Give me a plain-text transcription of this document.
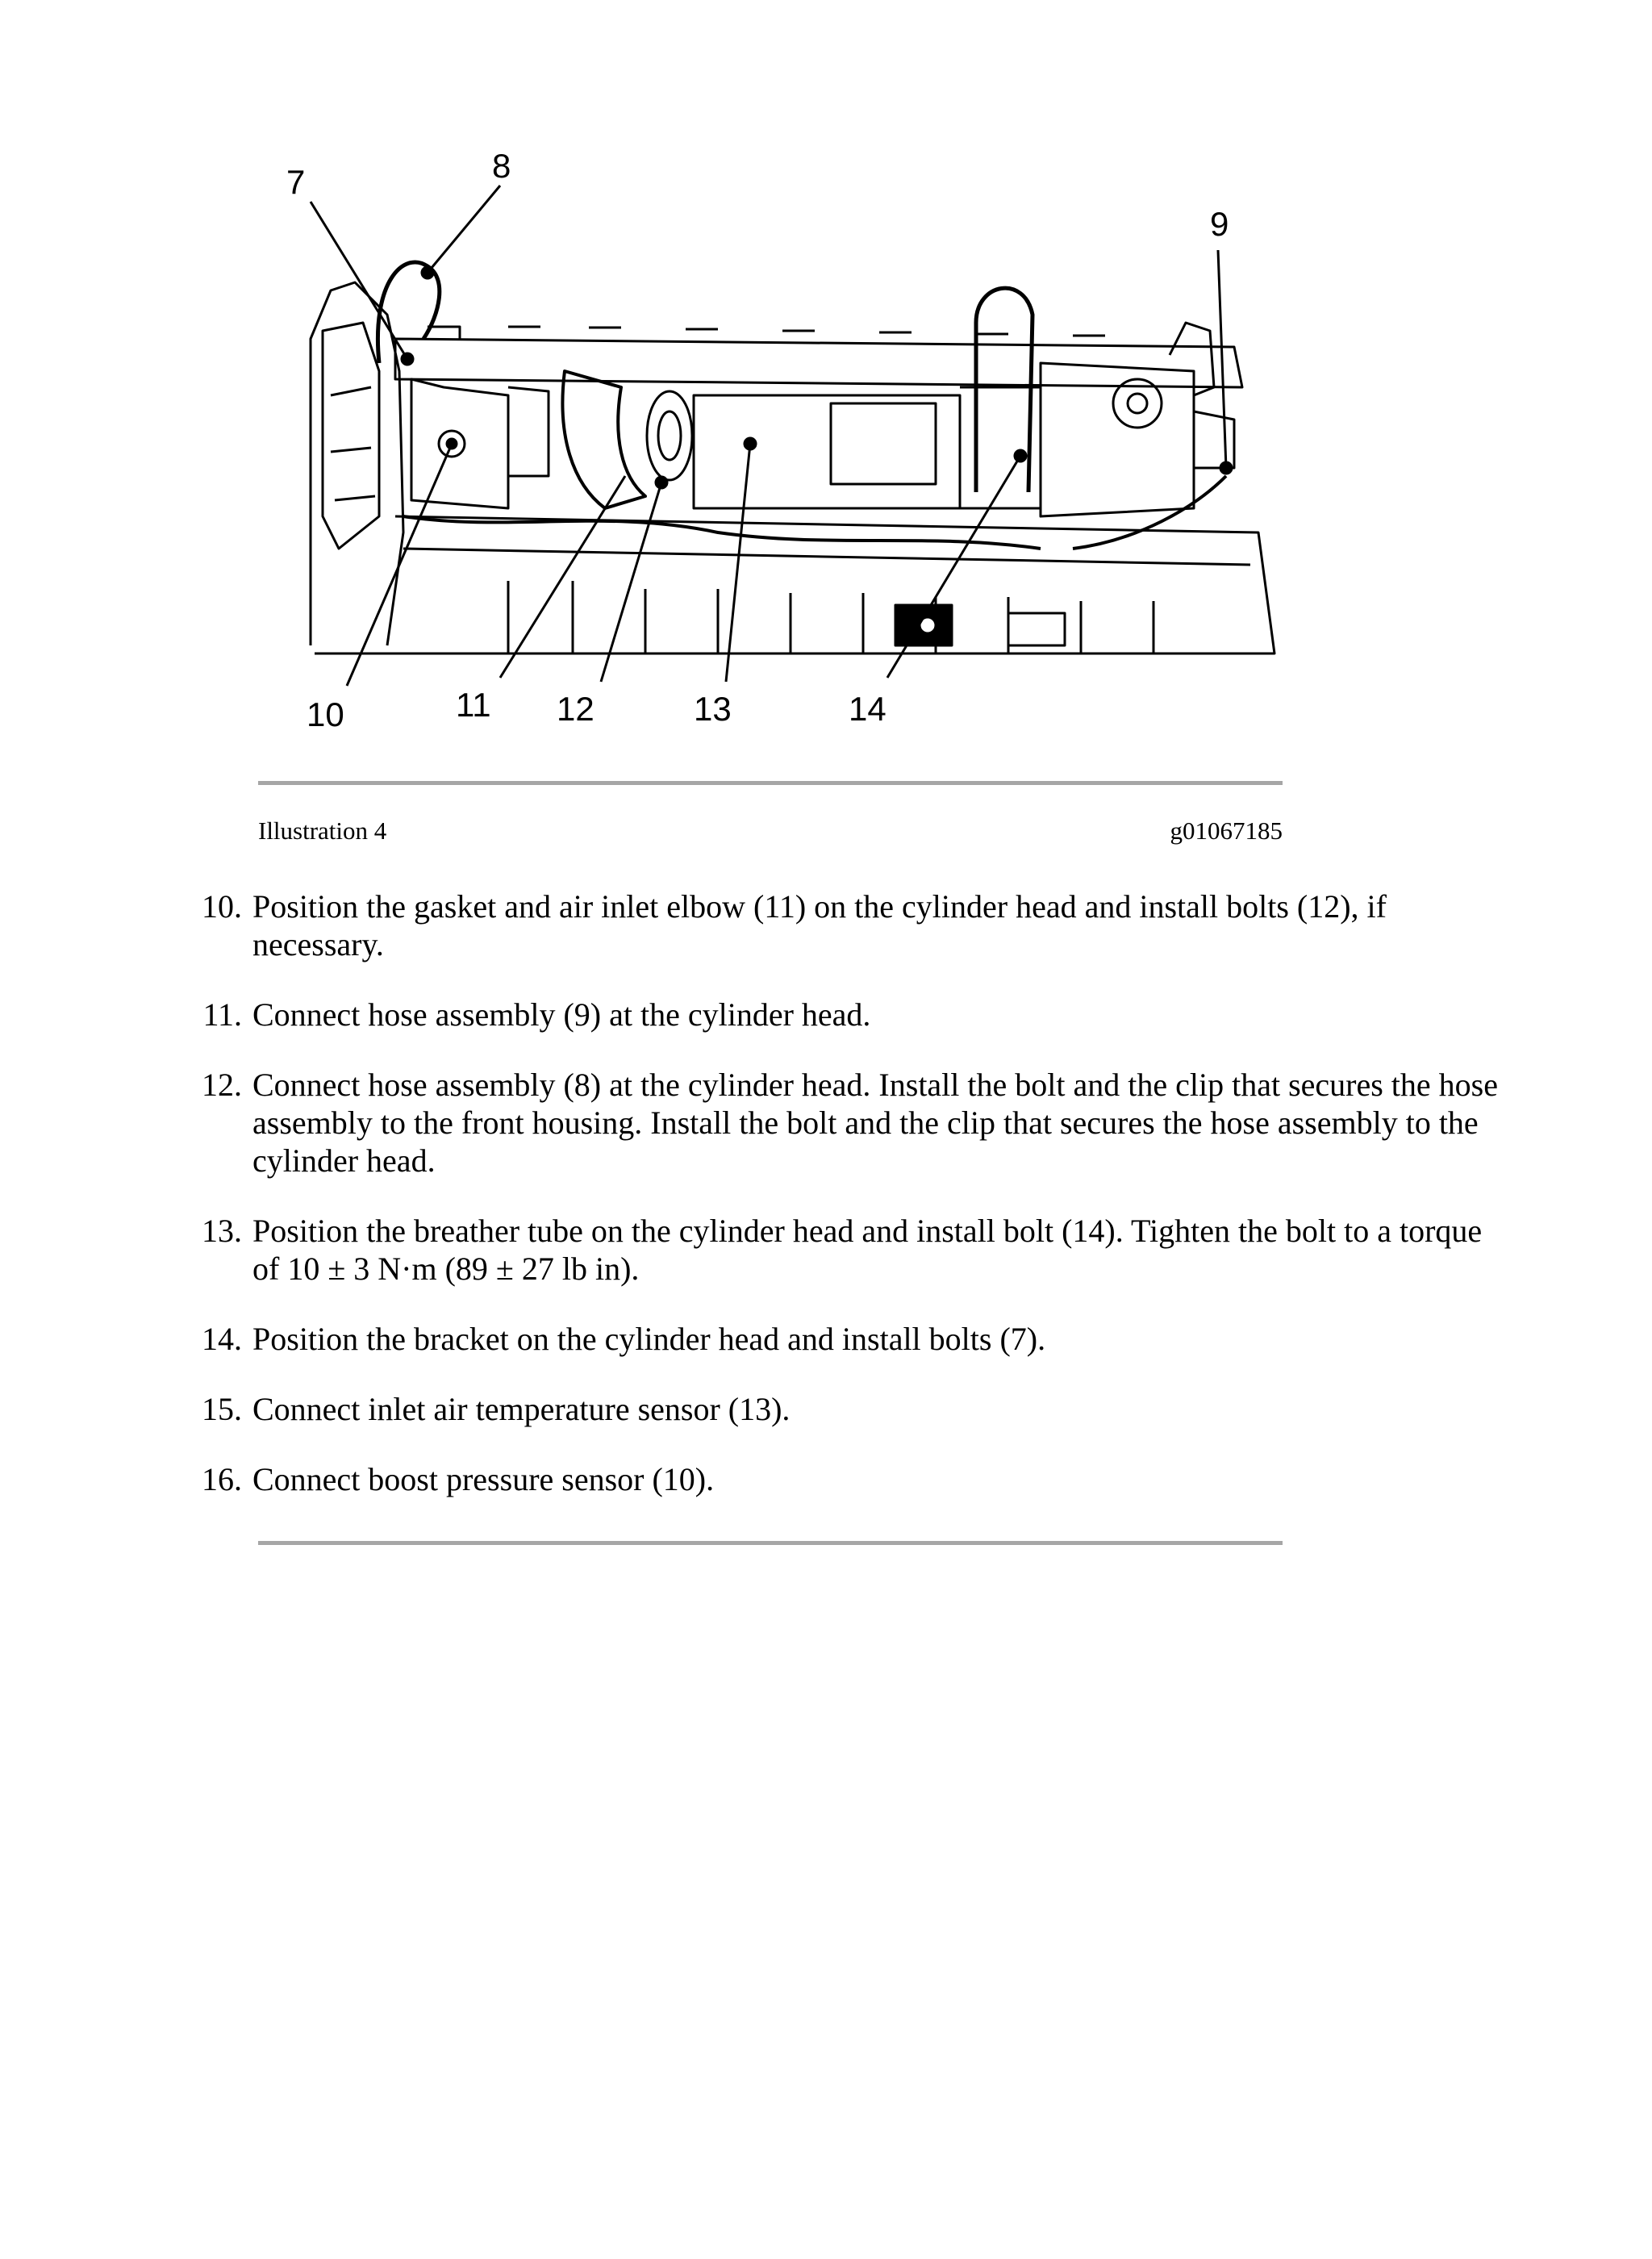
7	8
9
10	11 12	13	14
Illustration 4	g01067185
10. Position the gasket and air inlet elbow (11) on the cylinder head and install bolts (12), if necessary.
11. Connect hose assembly (9) at the cylinder head.
12. Connect hose assembly (8) at the cylinder head. Install the bolt and the clip that secures the hose assembly to the front housing. Install the bolt and the clip that secures the hose assembly to the cylinder head.
13. Position the breather tube on the cylinder head and install bolt (14). Tighten the bolt to a torque of 10 ± 3 N·m (89 ± 27 lb in).
14. Position the bracket on the cylinder head and install bolts (7).
15. Connect inlet air temperature sensor (13).
16. Connect boost pressure sensor (10).
